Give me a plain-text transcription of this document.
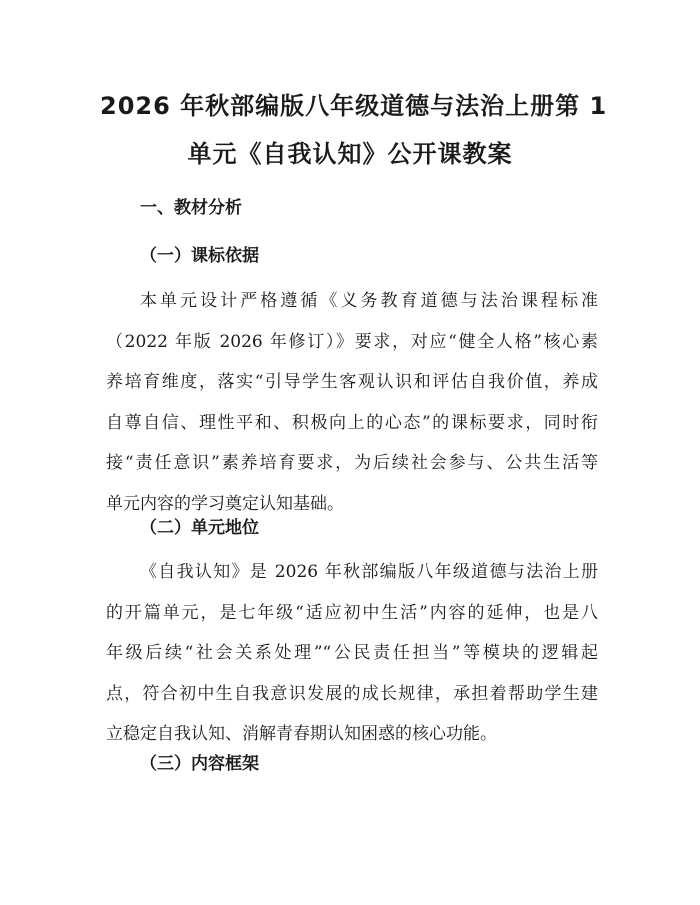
2026 年秋部编版八年级道德与法治上册第 1
单元《自我认知》公开课教案
一、教材分析
（一）课标依据

本单元设计严格遵循《义务教育道德与法治课程标准
（2022 年版 2026 年修订）》要求，对应“健全人格”核心素
养培育维度，落实“引导学生客观认识和评估自我价值，养成
自尊自信、理性平和、积极向上的心态”的课标要求，同时衔
接“责任意识”素养培育要求，为后续社会参与、公共生活等
单元内容的学习奠定认知基础。

（二）单元地位

《自我认知》是 2026 年秋部编版八年级道德与法治上册
的开篇单元，是七年级“适应初中生活”内容的延伸，也是八
年级后续“社会关系处理”“公民责任担当”等模块的逻辑起
点，符合初中生自我意识发展的成长规律，承担着帮助学生建
立稳定自我认知、消解青春期认知困惑的核心功能。

（三）内容框架
